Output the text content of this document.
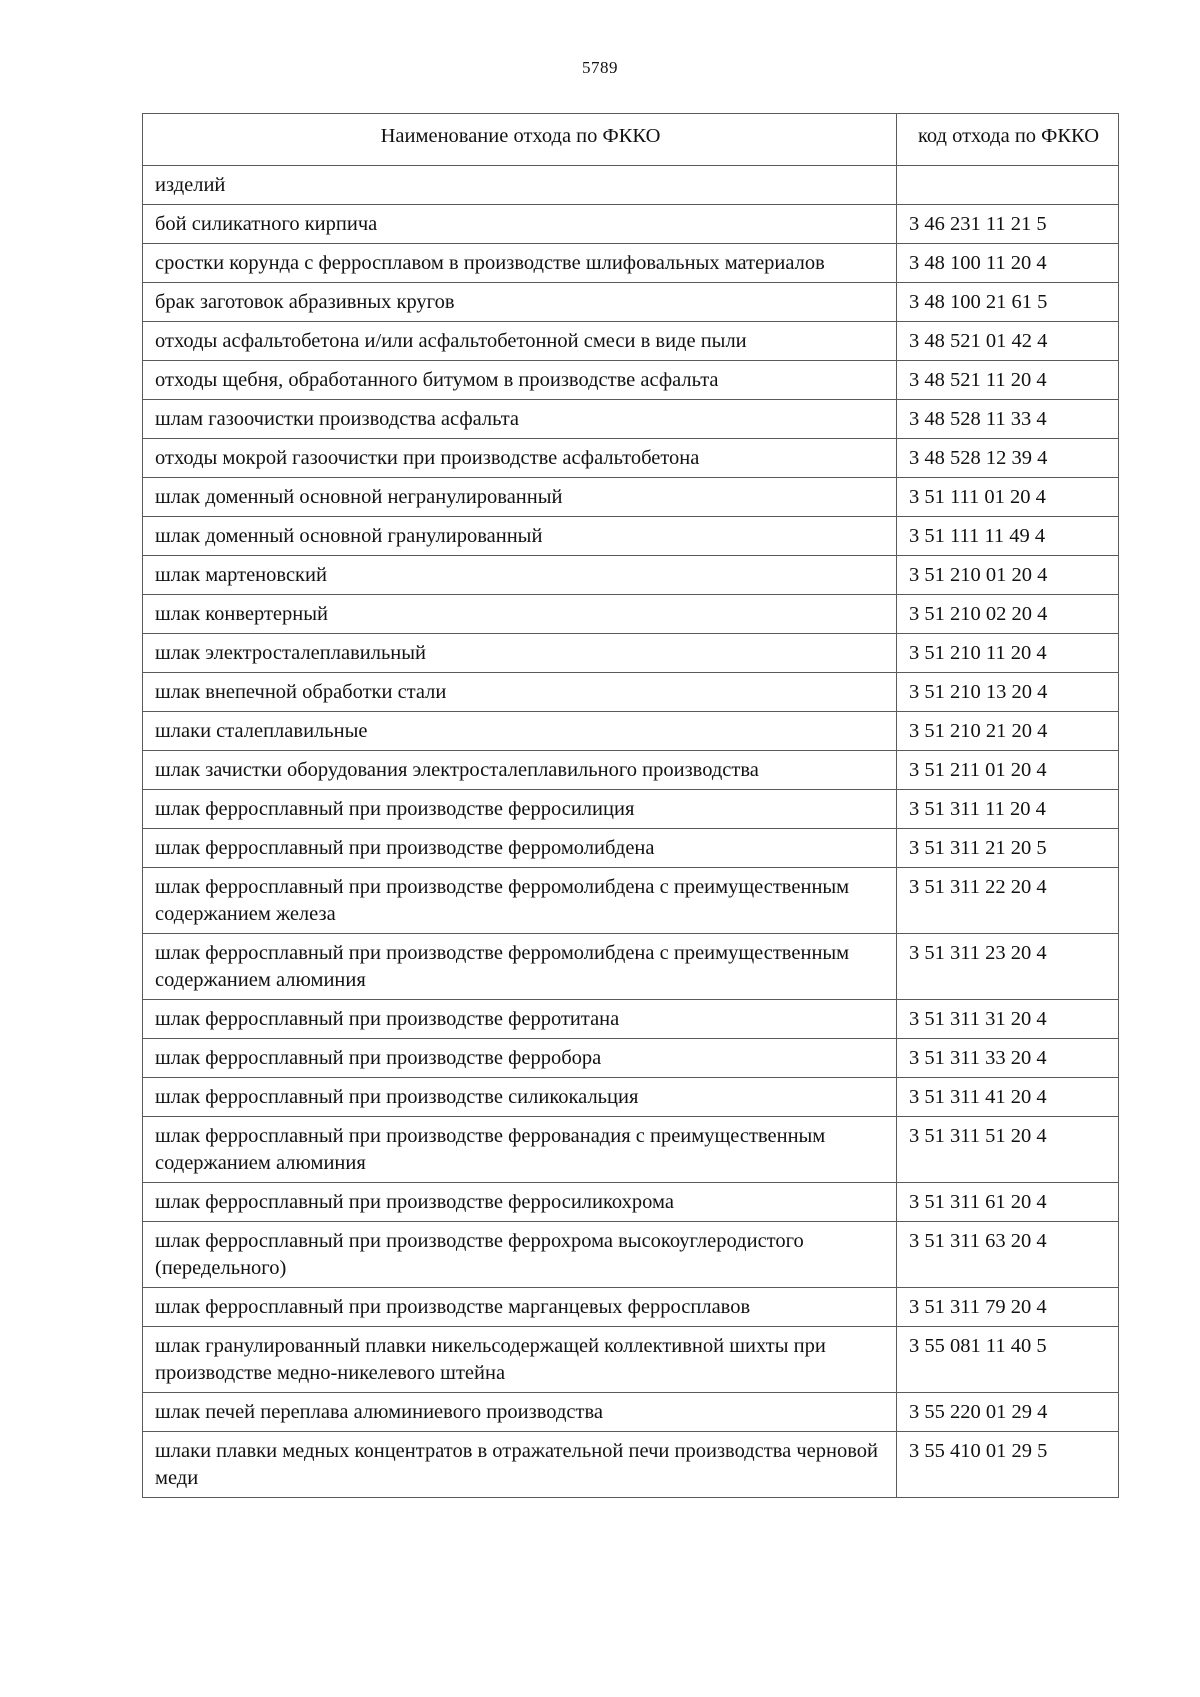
5789
Наименование отхода по ФККО	код отхода по ФККО
изделий	
бой силикатного кирпича	3 46 231 11 21 5
сростки корунда с ферросплавом в производстве шлифовальных материалов	3 48 100 11 20 4
брак заготовок абразивных кругов	3 48 100 21 61 5
отходы асфальтобетона и/или асфальтобетонной смеси в виде пыли	3 48 521 01 42 4
отходы щебня, обработанного битумом в производстве асфальта	3 48 521 11 20 4
шлам газоочистки производства асфальта	3 48 528 11 33 4
отходы мокрой газоочистки при производстве асфальтобетона	3 48 528 12 39 4
шлак доменный основной негранулированный	3 51 111 01 20 4
шлак доменный основной гранулированный	3 51 111 11 49 4
шлак мартеновский	3 51 210 01 20 4
шлак конвертерный	3 51 210 02 20 4
шлак электросталеплавильный	3 51 210 11 20 4
шлак внепечной обработки стали	3 51 210 13 20 4
шлаки сталеплавильные	3 51 210 21 20 4
шлак зачистки оборудования электросталеплавильного производства	3 51 211 01 20 4
шлак ферросплавный при производстве ферросилиция	3 51 311 11 20 4
шлак ферросплавный при производстве ферромолибдена	3 51 311 21 20 5
шлак ферросплавный при производстве ферромолибдена с преимущественным содержанием железа	3 51 311 22 20 4
шлак ферросплавный при производстве ферромолибдена с преимущественным содержанием алюминия	3 51 311 23 20 4
шлак ферросплавный при производстве ферротитана	3 51 311 31 20 4
шлак ферросплавный при производстве ферробора	3 51 311 33 20 4
шлак ферросплавный при производстве силикокальция	3 51 311 41 20 4
шлак ферросплавный при производстве феррованадия с преимущественным содержанием алюминия	3 51 311 51 20 4
шлак ферросплавный при производстве ферросиликохрома	3 51 311 61 20 4
шлак ферросплавный при производстве феррохрома высокоуглеродистого (передельного)	3 51 311 63 20 4
шлак ферросплавный при производстве марганцевых ферросплавов	3 51 311 79 20 4
шлак гранулированный плавки никельсодержащей коллективной шихты при производстве медно-никелевого штейна	3 55 081 11 40 5
шлак печей переплава алюминиевого производства	3 55 220 01 29 4
шлаки плавки медных концентратов в отражательной печи производства черновой меди	3 55 410 01 29 5
